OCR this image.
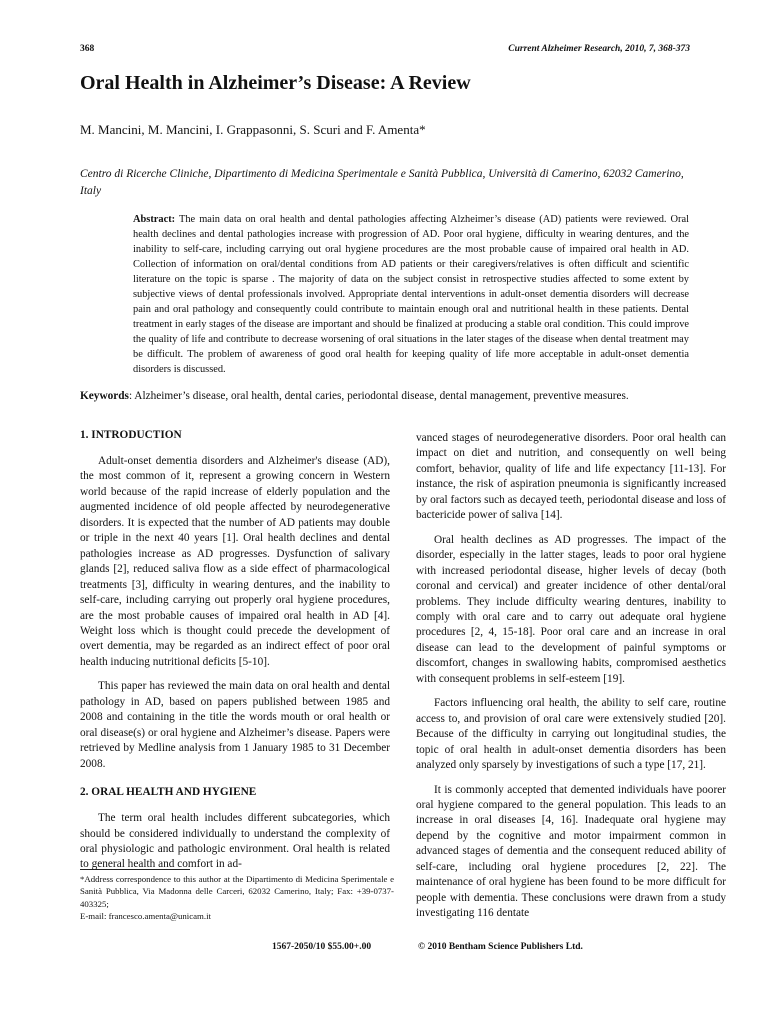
368	Current Alzheimer Research, 2010, 7, 368-373
Oral Health in Alzheimer’s Disease: A Review
M. Mancini, M. Mancini, I. Grappasonni, S. Scuri and F. Amenta*
Centro di Ricerche Cliniche, Dipartimento di Medicina Sperimentale e Sanità Pubblica, Università di Camerino, 62032 Camerino, Italy

Abstract: The main data on oral health and dental pathologies affecting Alzheimer’s disease (AD) patients were reviewed. Oral health declines and dental pathologies increase with progression of AD. Poor oral hygiene, difficulty in wearing dentures, and the inability to self-care, including carrying out oral hygiene procedures are the most probable cause of impaired oral health in AD. Collection of information on oral/dental conditions from AD patients or their caregivers/relatives is often difficult and scientific literature on the topic is sparse . The majority of data on the subject consist in retrospective studies affected to some extent by subjective views of dental professionals involved. Appropriate dental interventions in adult-onset dementia disorders will decrease pain and oral pathology and consequently could contribute to maintain enough oral and nutritional health in these patients. Dental treatment in early stages of the disease are important and should be finalized at producing a stable oral condition. This could improve the quality of life and contribute to decrease worsening of oral situations in the later stages of the disease when dental treatment may be difficult. The problem of awareness of good oral health for keeping quality of life more acceptable in adult-onset dementia disorders is discussed.

Keywords: Alzheimer’s disease, oral health, dental caries, periodontal disease, dental management, preventive measures.
1. INTRODUCTION

Adult-onset dementia disorders and Alzheimer's disease (AD), the most common of it, represent a growing concern in Western world because of the rapid increase of elderly population and the augmented incidence of old people affected by neurodegenerative disorders. It is expected that the number of AD patients may double or triple in the next 40 years [1]. Oral health declines and dental pathologies increase as AD progresses. Dysfunction of salivary glands [2], reduced saliva flow as a side effect of pharmacological treatments [3], difficulty in wearing dentures, and the inability to self-care, including carrying out properly oral hygiene procedures, are the most probable causes of impaired oral health in AD [4]. Weight loss which is thought could precede the development of overt dementia, may be regarded as an indirect effect of poor oral health inducing nutritional deficits [5-10].

This paper has reviewed the main data on oral health and dental pathology in AD, based on papers published between 1985 and 2008 and containing in the title the words mouth or oral health or oral disease(s) or oral hygiene and Alzheimer’s disease. Papers were retrieved by Medline analysis from 1 January 1985 to 31 December 2008.

2. ORAL HEALTH AND HYGIENE

The term oral health includes different subcategories, which should be considered individually to understand the complexity of oral physiologic and pathologic environment. Oral health is related to general health and comfort in ad-

vanced stages of neurodegenerative disorders. Poor oral health can impact on diet and nutrition, and consequently on well being comfort, behavior, quality of life and life expectancy [11-13]. For instance, the risk of aspiration pneumonia is significantly increased by oral factors such as decayed teeth, periodontal disease and loss of bactericide power of saliva [14].

Oral health declines as AD progresses. The impact of the disorder, especially in the latter stages, leads to poor oral hygiene with increased periodontal disease, higher levels of decay (both coronal and cervical) and greater incidence of other dental/oral problems. They include difficulty wearing dentures, inability to comply with oral care and to carry out adequate oral hygiene procedures [2, 4, 15-18]. Poor oral care and an increase in oral disease can lead to the development of painful symptoms or discomfort, changes in swallowing habits, compromised aesthetics with consequent problems in self-esteem [19].

Factors influencing oral health, the ability to self care, routine access to, and provision of oral care were extensively studied [20]. Because of the difficulty in carrying out longitudinal studies, the topic of oral health in adult-onset dementia disorders has been analyzed only sparsely by investigations of such a type [17, 21].

It is commonly accepted that demented individuals have poorer oral hygiene compared to the general population. This leads to an increase in oral diseases [4, 16]. Inadequate oral hygiene may depend by the cognitive and motor impairment common in advanced stages of dementia and the consequent reduced ability of self-care, including oral hygiene procedures [2, 22]. The maintenance of oral hygiene has been found to be more difficult for people with dementia. These conclusions were drawn from a study investigating 116 dentate

*Address correspondence to this author at the Dipartimento di Medicina Sperimentale e Sanità Pubblica, Via Madonna delle Carceri, 62032 Camerino, Italy; Fax: +39-0737-403325;
E-mail: francesco.amenta@unicam.it
1567-2050/10 $55.00+.00	© 2010 Bentham Science Publishers Ltd.
